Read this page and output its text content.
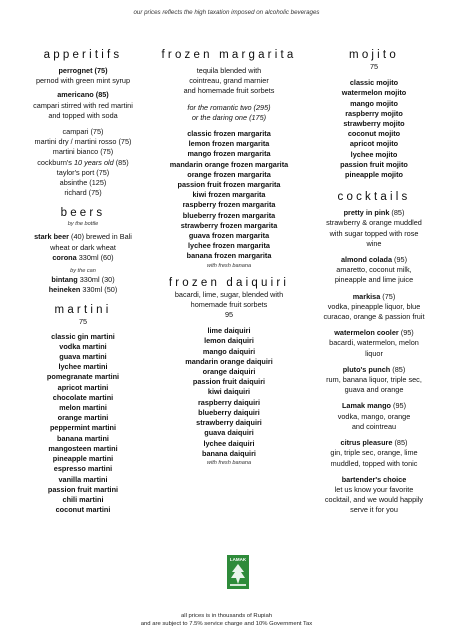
our prices reflects the high taxation imposed on alcoholic beverages
apperitifs
perrognet (75)
pernod with green mint syrup
americano (85)
campari stirred with red martini
and topped with soda
campari (75)
martini dry / martini rosso (75)
martini bianco (75)
cockburn's 10 years old (85)
taylor's port (75)
absinthe (125)
richard (75)
beers
by the bottle
stark beer (40) brewed in Bali
wheat or dark wheat
corona 330ml (60)
by the can
bintang 330ml (30)
heineken 330ml (50)
martini
75
classic gin martini
vodka martini
guava martini
lychee martini
pomegranate martini
apricot martini
chocolate martini
melon martini
orange martini
peppermint martini
banana martini
mangosteen martini
pineapple martini
espresso martini
vanilla martini
passion fruit martini
chili martini
coconut martini
frozen margarita
tequila blended with
cointreau, grand marnier
and homemade fruit sorbets
for the romantic two (295)
or the daring one (175)
classic frozen margarita
lemon frozen margarita
mango frozen margarita
mandarin orange frozen margarita
orange frozen margarita
passion fruit frozen margarita
kiwi frozen margarita
raspberry frozen margarita
blueberry frozen margarita
strawberry frozen margarita
guava frozen margarita
lychee frozen margarita
banana frozen margarita
with fresh banana
frozen daiquiri
bacardi, lime, sugar, blended with
homemade fruit sorbets
95
lime daiquiri
lemon daiquiri
mango daiquiri
mandarin orange daiquiri
orange daiquiri
passion fruit daiquiri
kiwi daiquiri
raspberry daiquiri
blueberry daiquiri
strawberry daiquiri
guava daiquiri
lychee daiquiri
banana daiquiri
with fresh banana
LAMAK
mojito
75
classic mojito
watermelon mojito
mango mojito
raspberry mojito
strawberry mojito
coconut mojito
apricot mojito
lychee mojito
passion fruit mojito
pineapple mojito
cocktails
pretty in pink (85)
strawberry & orange muddled
with sugar topped with rose
wine
almond colada (95)
amaretto, coconut milk,
pineapple and lime juice
markisa (75)
vodka, pineapple liquor, blue
curacao, orange & passion fruit
watermelon cooler (95)
bacardi, watermelon, melon
liquor
pluto's punch (85)
rum, banana liquor, triple sec,
guava and orange
Lamak mango (95)
vodka, mango, orange
and cointreau
citrus pleasure (85)
gin, triple sec, orange, lime
muddled, topped with tonic
bartender's choice
let us know your favorite
cocktail, and we would happily
serve it for you
all prices is in thousands of Rupiah
and are subject to 7.5% service charge and 10% Government Tax
